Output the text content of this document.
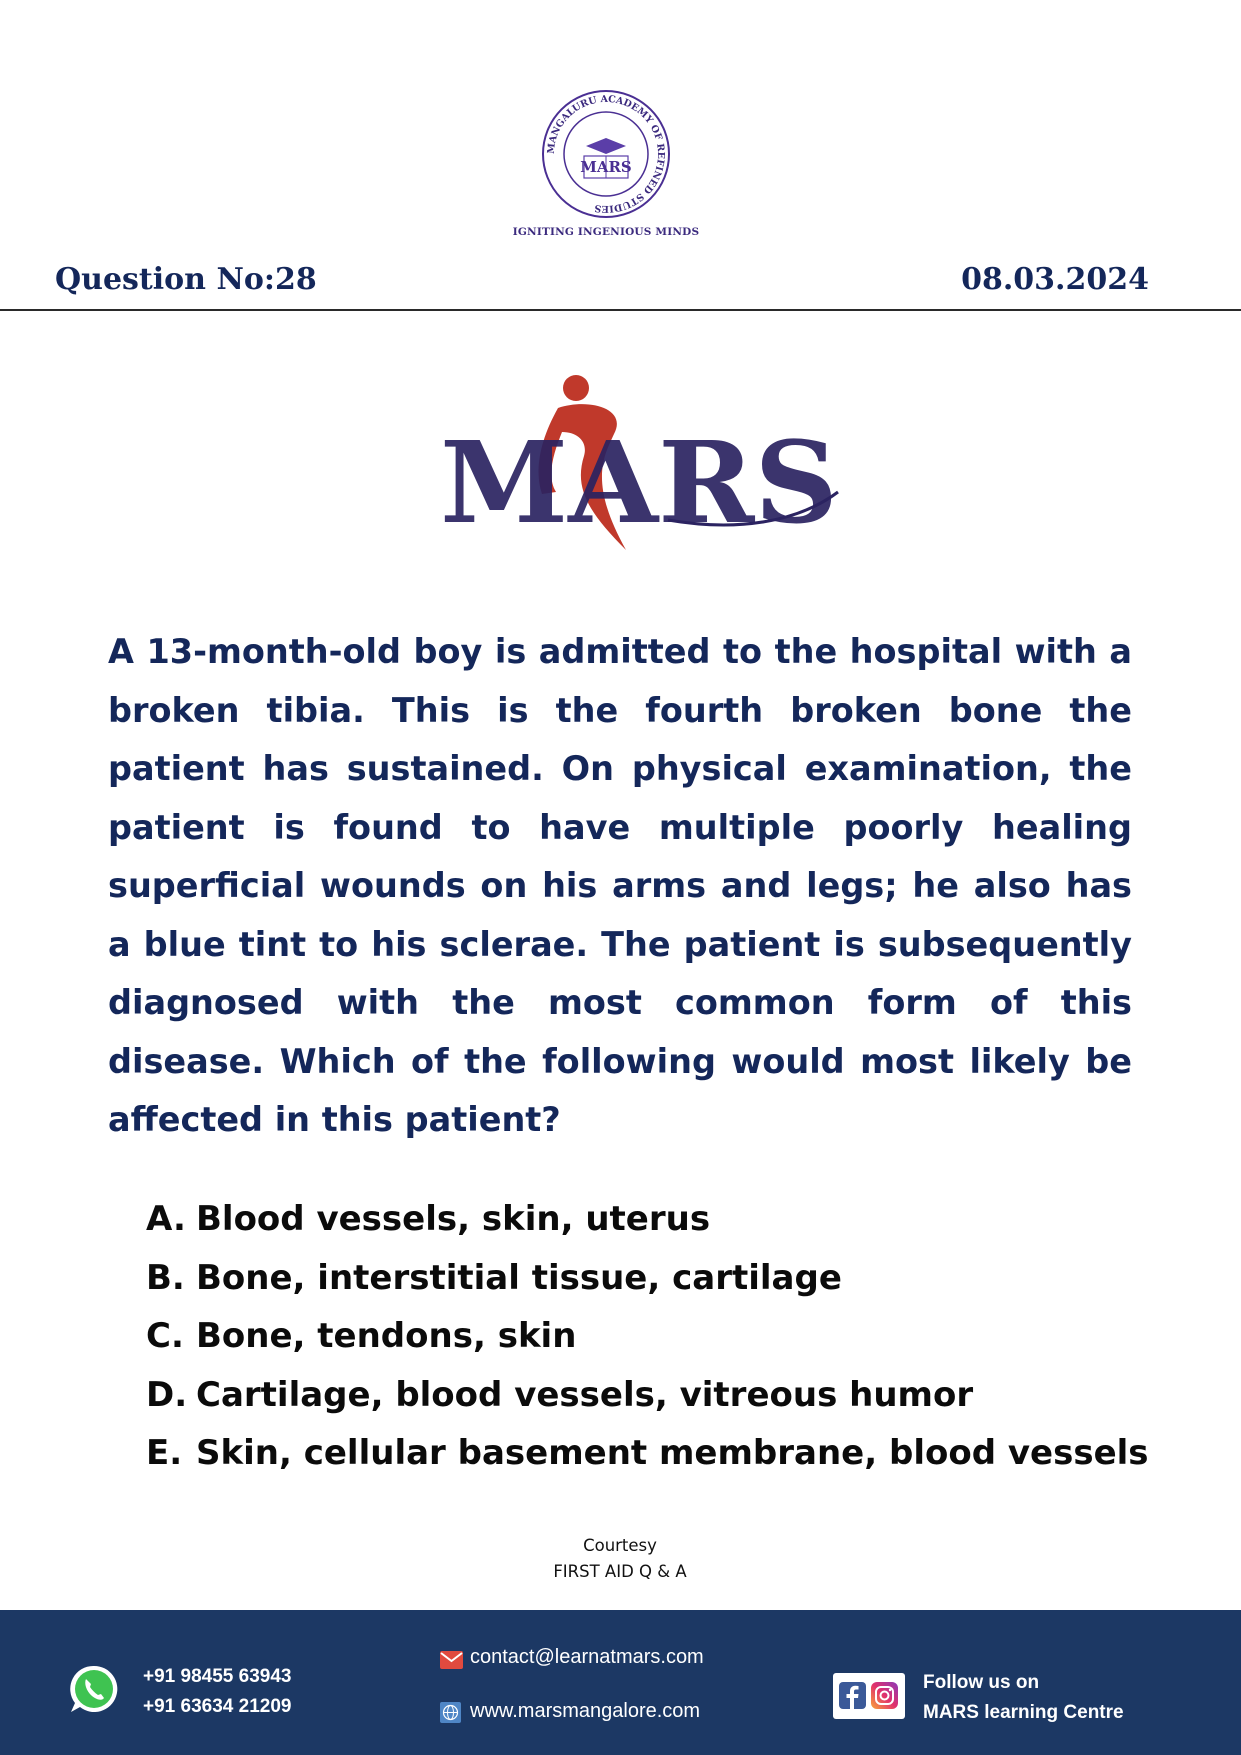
MANGALURU ACADEMY OF REFINED STUDIES
MARS
IGNITING INGENIOUS MINDS
Question No:28	08.03.2024
MARS

A 13-month-old boy is admitted to the hospital with a broken tibia. This is the fourth broken bone the patient has sustained. On physical examination, the patient is found to have multiple poorly healing superficial wounds on his arms and legs; he also has a blue tint to his sclerae. The patient is subsequently diagnosed with the most common form of this disease. Which of the following would most likely be affected in this patient?

A. Blood vessels, skin, uterus
B. Bone, interstitial tissue, cartilage
C. Bone, tendons, skin
D. Cartilage, blood vessels, vitreous humor
E. Skin, cellular basement membrane, blood vessels
Courtesy
FIRST AID Q & A
+91 98455 63943
+91 63634 21209
contact@learnatmars.com
www.marsmangalore.com
Follow us on
MARS learning Centre
